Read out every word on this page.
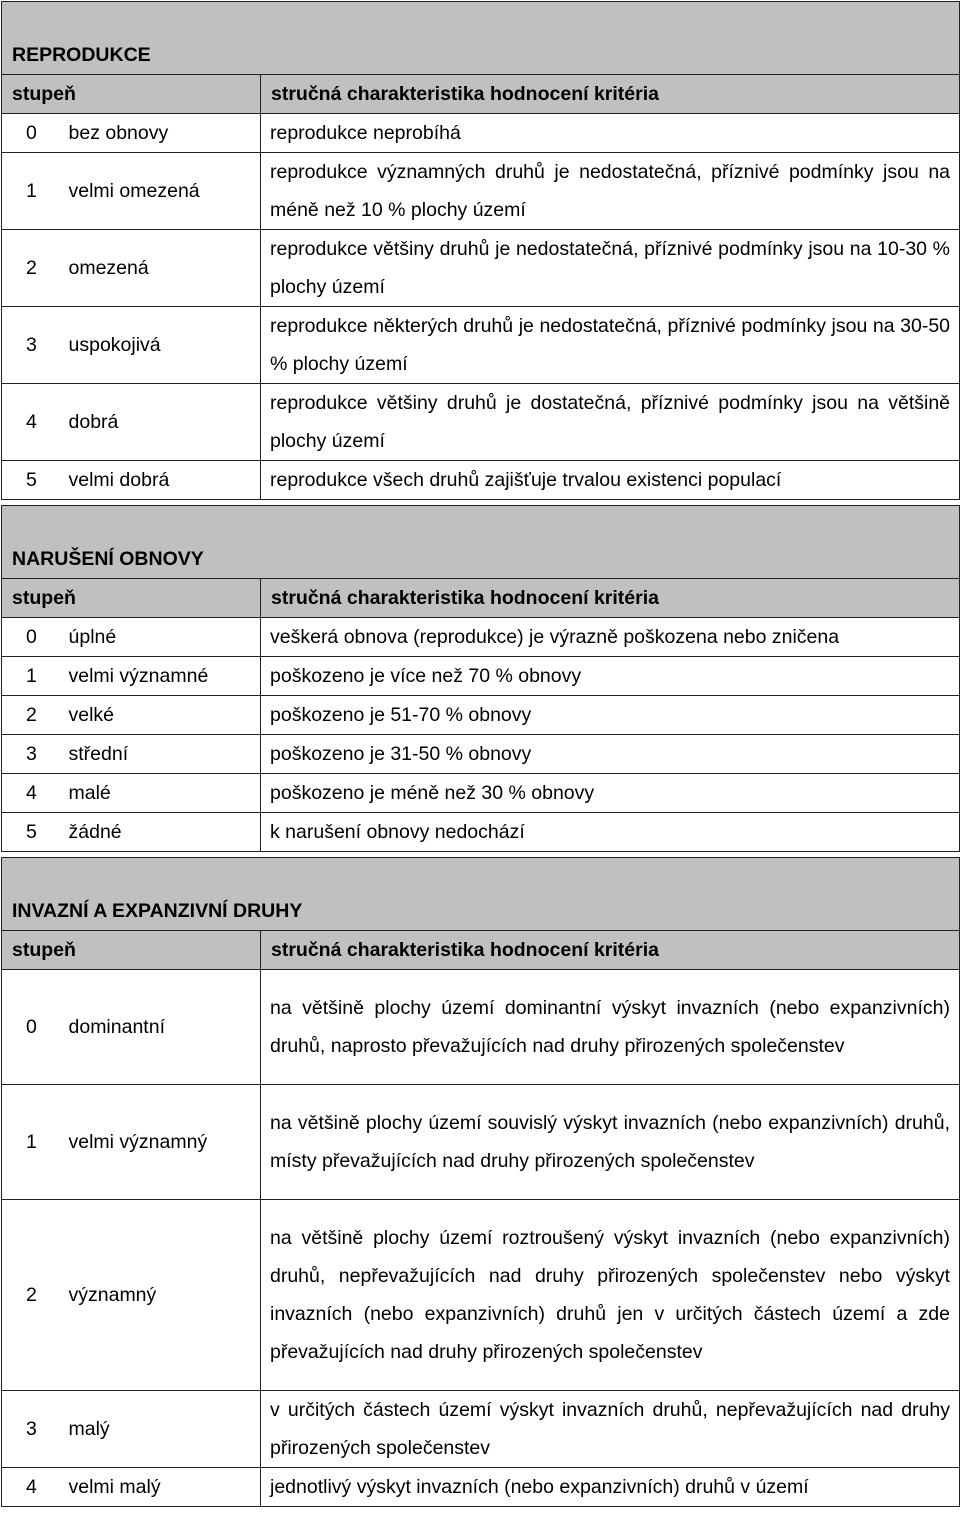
REPRODUKCE		
stupeň		stručná charakteristika hodnocení kritéria
0	bez obnovy	reprodukce neprobíhá
1	velmi omezená	reprodukce významných druhů je nedostatečná, příznivé podmínky jsou na méně než 10 % plochy území
2	omezená	reprodukce většiny druhů je nedostatečná, příznivé podmínky jsou na 10-30 % plochy území
3	uspokojivá	reprodukce některých druhů je nedostatečná, příznivé podmínky jsou na 30-50 % plochy území
4	dobrá	reprodukce většiny druhů je dostatečná, příznivé podmínky jsou na většině plochy území
5	velmi dobrá	reprodukce všech druhů zajišťuje trvalou existenci populací
NARUŠENÍ OBNOVY		
stupeň		stručná charakteristika hodnocení kritéria
0	úplné	veškerá obnova (reprodukce) je výrazně poškozena nebo zničena
1	velmi významné	poškozeno je více než 70 % obnovy
2	velké	poškozeno je 51-70 % obnovy
3	střední	poškozeno je 31-50 % obnovy
4	malé	poškozeno je méně než 30 % obnovy
5	žádné	k narušení obnovy nedochází
INVAZNÍ A EXPANZIVNÍ DRUHY		
stupeň		stručná charakteristika hodnocení kritéria
0	dominantní	na většině plochy území dominantní výskyt invazních (nebo expanzivních) druhů, naprosto převažujících nad druhy přirozených společenstev
1	velmi významný	na většině plochy území souvislý výskyt invazních (nebo expanzivních) druhů, místy převažujících nad druhy přirozených společenstev
2	významný	na většině plochy území roztroušený výskyt invazních (nebo expanzivních) druhů, nepřevažujících nad druhy přirozených společenstev nebo výskyt invazních (nebo expanzivních) druhů jen v určitých částech území a zde převažujících nad druhy přirozených společenstev
3	malý	v určitých částech území výskyt invazních druhů, nepřevažujících nad druhy přirozených společenstev
4	velmi malý	jednotlivý výskyt invazních (nebo expanzivních) druhů v území
